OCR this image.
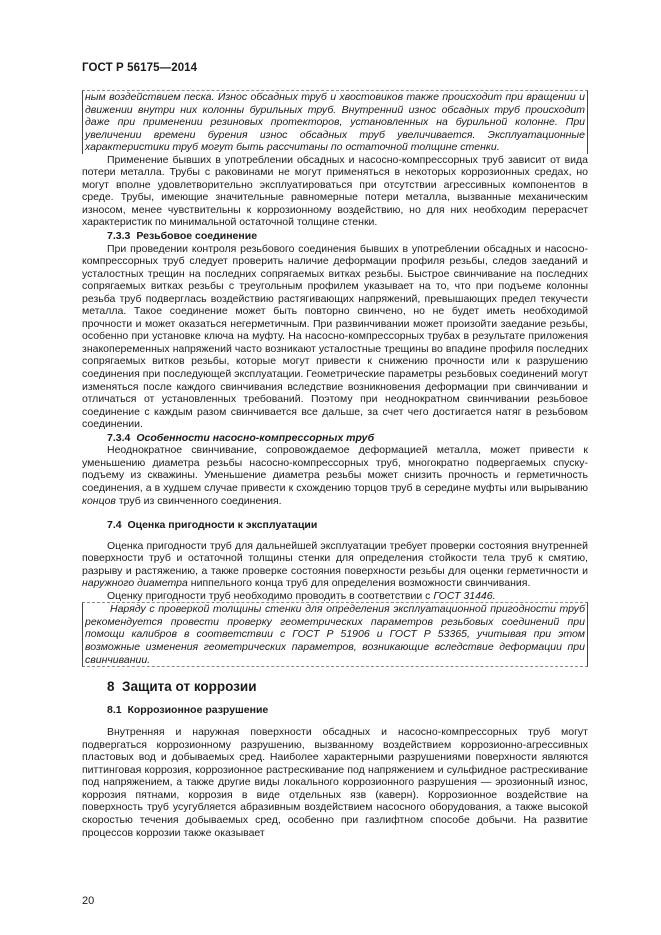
ГОСТ Р 56175—2014

ным воздействием песка. Износ обсадных труб и хвостовиков также происходит при вращении и движении внутри них колонны бурильных труб. Внутренний износ обсадных труб происходит даже при применении резиновых протекторов, установленных на бурильной колонне. При увеличении времени бурения износ обсадных труб увеличивается. Эксплуатационные характеристики труб могут быть рассчитаны по остаточной толщине стенки.

Применение бывших в употреблении обсадных и насосно-компрессорных труб зависит от вида потери металла. Трубы с раковинами не могут применяться в некоторых коррозионных средах, но могут вполне удовлетворительно эксплуатироваться при отсутствии агрессивных компонентов в среде. Трубы, имеющие значительные равномерные потери металла, вызванные механическим износом, менее чувствительны к коррозионному воздействию, но для них необходим перерасчет характеристик по минимальной остаточной толщине стенки.

7.3.3 Резьбовое соединение

При проведении контроля резьбового соединения бывших в употреблении обсадных и насосно-компрессорных труб следует проверить наличие деформации профиля резьбы, следов заеданий и усталостных трещин на последних сопрягаемых витках резьбы. Быстрое свинчивание на последних сопрягаемых витках резьбы с треугольным профилем указывает на то, что при подъеме колонны резьба труб подверглась воздействию растягивающих напряжений, превышающих предел текучести металла. Такое соединение может быть повторно свинчено, но не будет иметь необходимой прочности и может оказаться негерметичным. При развинчивании может произойти заедание резьбы, особенно при установке ключа на муфту. На насосно-компрессорных трубах в результате приложения знакопеременных напряжений часто возникают усталостные трещины во впадине профиля последних сопрягаемых витков резьбы, которые могут привести к снижению прочности или к разрушению соединения при последующей эксплуатации. Геометрические параметры резьбовых соединений могут изменяться после каждого свинчивания вследствие возникновения деформации при свинчивании и отличаться от установленных требований. Поэтому при неоднократном свинчивании резьбовое соединение с каждым разом свинчивается все дальше, за счет чего достигается натяг в резьбовом соединении.

7.3.4 Особенности насосно-компрессорных труб

Неоднократное свинчивание, сопровождаемое деформацией металла, может привести к уменьшению диаметра резьбы насосно-компрессорных труб, многократно подвергаемых спуску-подъему из скважины. Уменьшение диаметра резьбы может снизить прочность и герметичность соединения, а в худшем случае привести к схождению торцов труб в середине муфты или вырыванию концов труб из свинченного соединения.

7.4 Оценка пригодности к эксплуатации

Оценка пригодности труб для дальнейшей эксплуатации требует проверки состояния внутренней поверхности труб и остаточной толщины стенки для определения стойкости тела труб к смятию, разрыву и растяжению, а также проверке состояния поверхности резьбы для оценки герметичности и наружного диаметра ниппельного конца труб для определения возможности свинчивания.

Оценку пригодности труб необходимо проводить в соответствии с ГОСТ 31446.

Наряду с проверкой толщины стенки для определения эксплуатационной пригодности труб рекомендуется провести проверку геометрических параметров резьбовых соединений при помощи калибров в соответствии с ГОСТ Р 51906 и ГОСТ Р 53365, учитывая при этом возможные изменения геометрических параметров, возникающие вследствие деформации при свинчивании.

8 Защита от коррозии

8.1 Коррозионное разрушение

Внутренняя и наружная поверхности обсадных и насосно-компрессорных труб могут подвергаться коррозионному разрушению, вызванному воздействием коррозионно-агрессивных пластовых вод и добываемых сред. Наиболее характерными разрушениями поверхности являются питтинговая коррозия, коррозионное растрескивание под напряжением и сульфидное растрескивание под напряжением, а также другие виды локального коррозионного разрушения — эрозионный износ, коррозия пятнами, коррозия в виде отдельных язв (каверн). Коррозионное воздействие на поверхность труб усугубляется абразивным воздействием насосного оборудования, а также высокой скоростью течения добываемых сред, особенно при газлифтном способе добычи. На развитие процессов коррозии также оказывает

20
